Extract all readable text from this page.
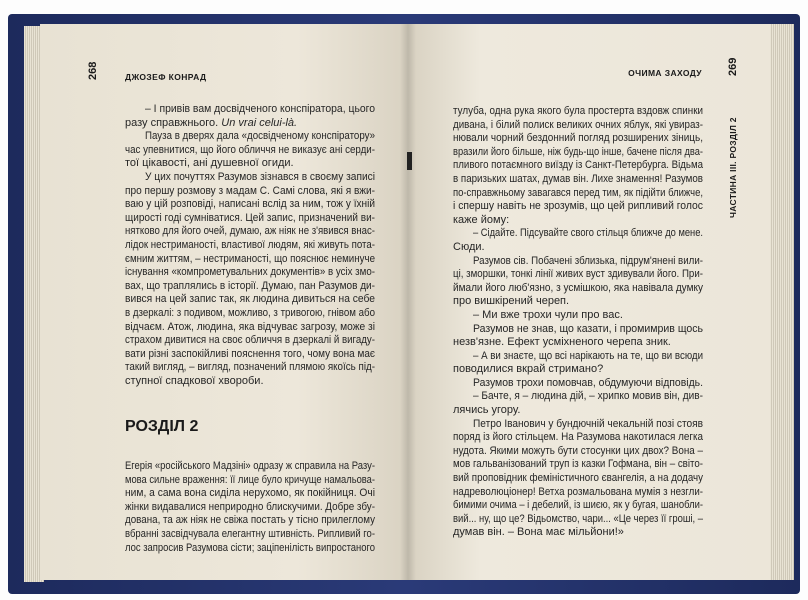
268	ДЖОЗЕФ КОНРАД	ОЧИМА ЗАХОДУ 269
ЧАСТИНА III. РОЗДІЛ 2
– І привів вам досвідченого конспіратора, цього
разу справжнього. Un vrai celui-là.
Пауза в дверях дала «досвідченому конспіратору»
час упевнитися, що його обличчя не виказує ані серди-
тої цікавості, ані душевної огиди.
У цих почуттях Разумов зізнався в своєму записі
про першу розмову з мадам С. Самі слова, які я вжи-
ваю у цій розповіді, написані вслід за ним, тож у їхній
щирості годі сумніватися. Цей запис, призначений ви-
нятково для його очей, думаю, аж ніяк не з'явився внас-
лідок нестриманості, властивої людям, які живуть пота-
ємним життям, – нестриманості, що пояснює неминуче
існування «компрометувальних документів» в усіх змо-
вах, що траплялись в історії. Думаю, пан Разумов ди-
вився на цей запис так, як людина дивиться на себе
в дзеркалі: з подивом, можливо, з тривогою, гнівом або
відчаєм. Атож, людина, яка відчуває загрозу, може зі
страхом дивитися на своє обличчя в дзеркалі й вигаду-
вати різні заспокійливі пояснення того, чому вона має
такий вигляд, – вигляд, позначений плямою якоїсь під-
ступної спадкової хвороби.
РОЗДІЛ 2
Егерія «російського Мадзіні» одразу ж справила на Разу-
мова сильне враження: її лице було кричуще намальова-
ним, а сама вона сиділа нерухомо, як покійниця. Очі
жінки видавалися неприродно блискучими. Добре збу-
дована, та аж ніяк не свіжа постать у тісно прилеглому
вбранні засвідчувала елегантну штивність. Рипливий го-
лос запросив Разумова сісти; заціпенілість випростаного
тулуба, одна рука якого була простерта вздовж спинки
дивана, і білий полиск великих очних яблук, які увираз-
нювали чорний бездонний погляд розширених зіниць,
вразили його більше, ніж будь-що інше, бачене після два-
пливого потаємного виїзду із Санкт-Петербурга. Відьма
в паризьких шатах, думав він. Лихе знамення! Разумов
по-справжньому завагався перед тим, як підійти ближче,
і спершу навіть не зрозумів, що цей рипливий голос
каже йому:
– Сідайте. Підсувайте свого стільця ближче до мене.
Сюди.
Разумов сів. Побачені зблизька, підрум'янені вили-
ці, зморшки, тонкі лінії живих вуст здивували його. При-
ймали його люб'язно, з усмішкою, яка навівала думку
про вишкірений череп.
– Ми вже трохи чули про вас.
Разумов не знав, що казати, і промимрив щось
незв'язне. Ефект усміхненого черепа зник.
– А ви знаєте, що всі нарікають на те, що ви всюди
поводилися вкрай стримано?
Разумов трохи помовчав, обдумуючи відповідь.
– Бачте, я – людина дій, – хрипко мовив він, див-
лячись угору.
Петро Іванович у бундючній чекальній позі стояв
поряд із його стільцем. На Разумова накотилася легка
нудота. Якими можуть бути стосунки цих двох? Вона –
мов гальванізований труп із казки Гофмана, він – світо-
вий проповідник феміністичного євангелія, а на додачу
надреволюціонер! Ветха розмальована мумія з незгли-
бимими очима – і дебелий, із шиєю, як у бугая, шанобли-
вий... ну, що це? Відьомство, чари... «Це через її гроші, –
думав він. – Вона має мільйони!»
